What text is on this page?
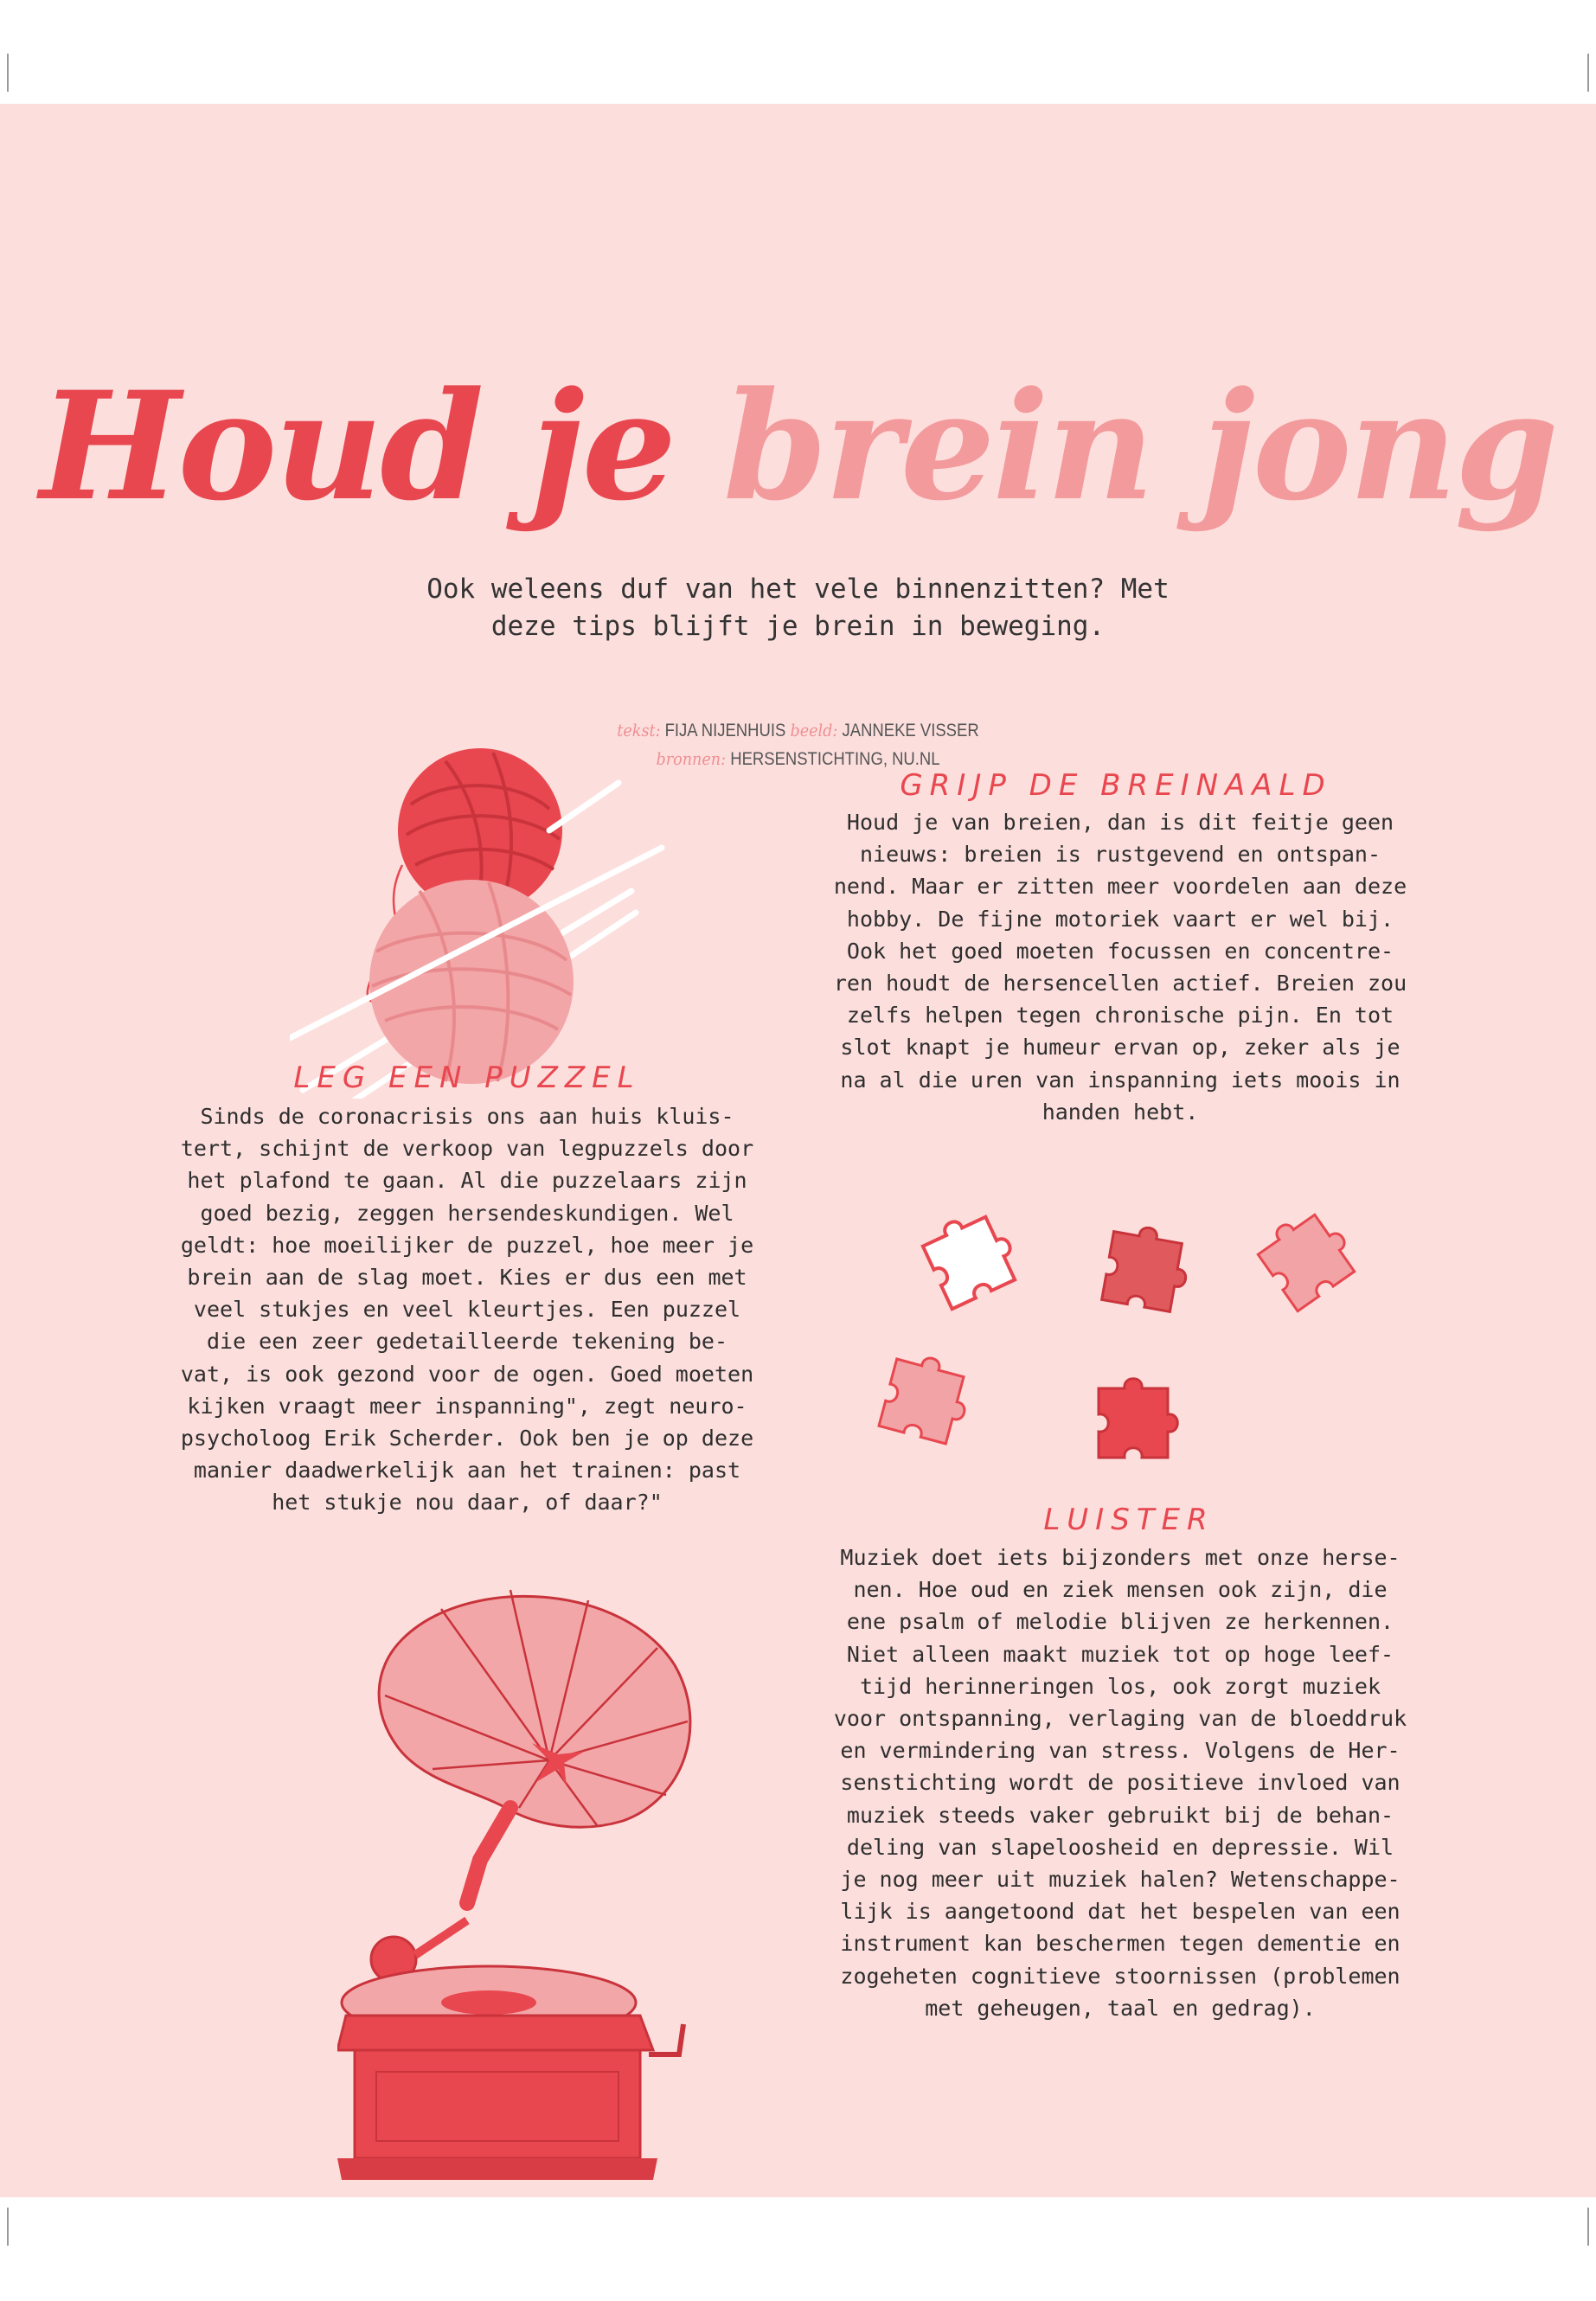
Houd je brein jong

Ook weleens duf van het vele binnenzitten? Met deze tips blijft je brein in beweging.

tekst: FIJA NIJENHUIS beeld: JANNEKE VISSER
bronnen: HERSENSTICHTING, NU.NL
GRIJP DE BREINAALD

Houd je van breien, dan is dit feitje geen
nieuws: breien is rustgevend en ontspan-
nend. Maar er zitten meer voordelen aan deze
hobby. De fijne motoriek vaart er wel bij.
Ook het goed moeten focussen en concentre-
ren houdt de hersencellen actief. Breien zou
zelfs helpen tegen chronische pijn. En tot
slot knapt je humeur ervan op, zeker als je
na al die uren van inspanning iets moois in
handen hebt.

LEG EEN PUZZEL

Sinds de coronacrisis ons aan huis kluis-
tert, schijnt de verkoop van legpuzzels door
het plafond te gaan. Al die puzzelaars zijn
goed bezig, zeggen hersendeskundigen. Wel
geldt: hoe moeilijker de puzzel, hoe meer je
brein aan de slag moet. Kies er dus een met
veel stukjes en veel kleurtjes. Een puzzel
die een zeer gedetailleerde tekening be-
vat, is ook gezond voor de ogen. Goed moeten
kijken vraagt meer inspanning", zegt neuro-
psycholoog Erik Scherder. Ook ben je op deze
manier daadwerkelijk aan het trainen: past
het stukje nou daar, of daar?"

LUISTER

Muziek doet iets bijzonders met onze herse-
nen. Hoe oud en ziek mensen ook zijn, die
ene psalm of melodie blijven ze herkennen.
Niet alleen maakt muziek tot op hoge leef-
tijd herinneringen los, ook zorgt muziek
voor ontspanning, verlaging van de bloeddruk
en vermindering van stress. Volgens de Her-
senstichting wordt de positieve invloed van
muziek steeds vaker gebruikt bij de behan-
deling van slapeloosheid en depressie. Wil
je nog meer uit muziek halen? Wetenschappe-
lijk is aangetoond dat het bespelen van een
instrument kan beschermen tegen dementie en
zogeheten cognitieve stoornissen (problemen
met geheugen, taal en gedrag).
